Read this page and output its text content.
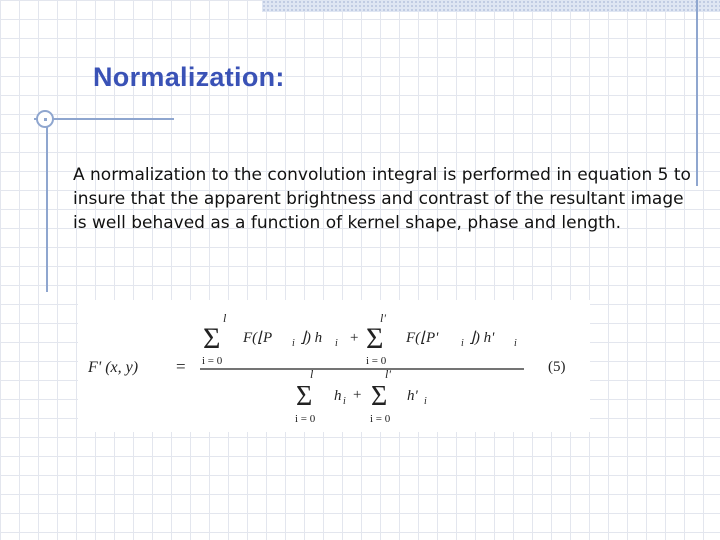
Normalization:

A normalization to the convolution integral is performed in equation 5 to insure that the apparent brightness and contrast of the resultant image is well behaved as a function of kernel shape, phase and length.

F' (x, y) =
l
Σ
i = 0
F(⌊P i ⌋) h i +
l'
Σ
i = 0
F(⌊P' i ⌋) h' i
l
Σ
i = 0
h i +
l'
Σ
i = 0
h' i
(5)
